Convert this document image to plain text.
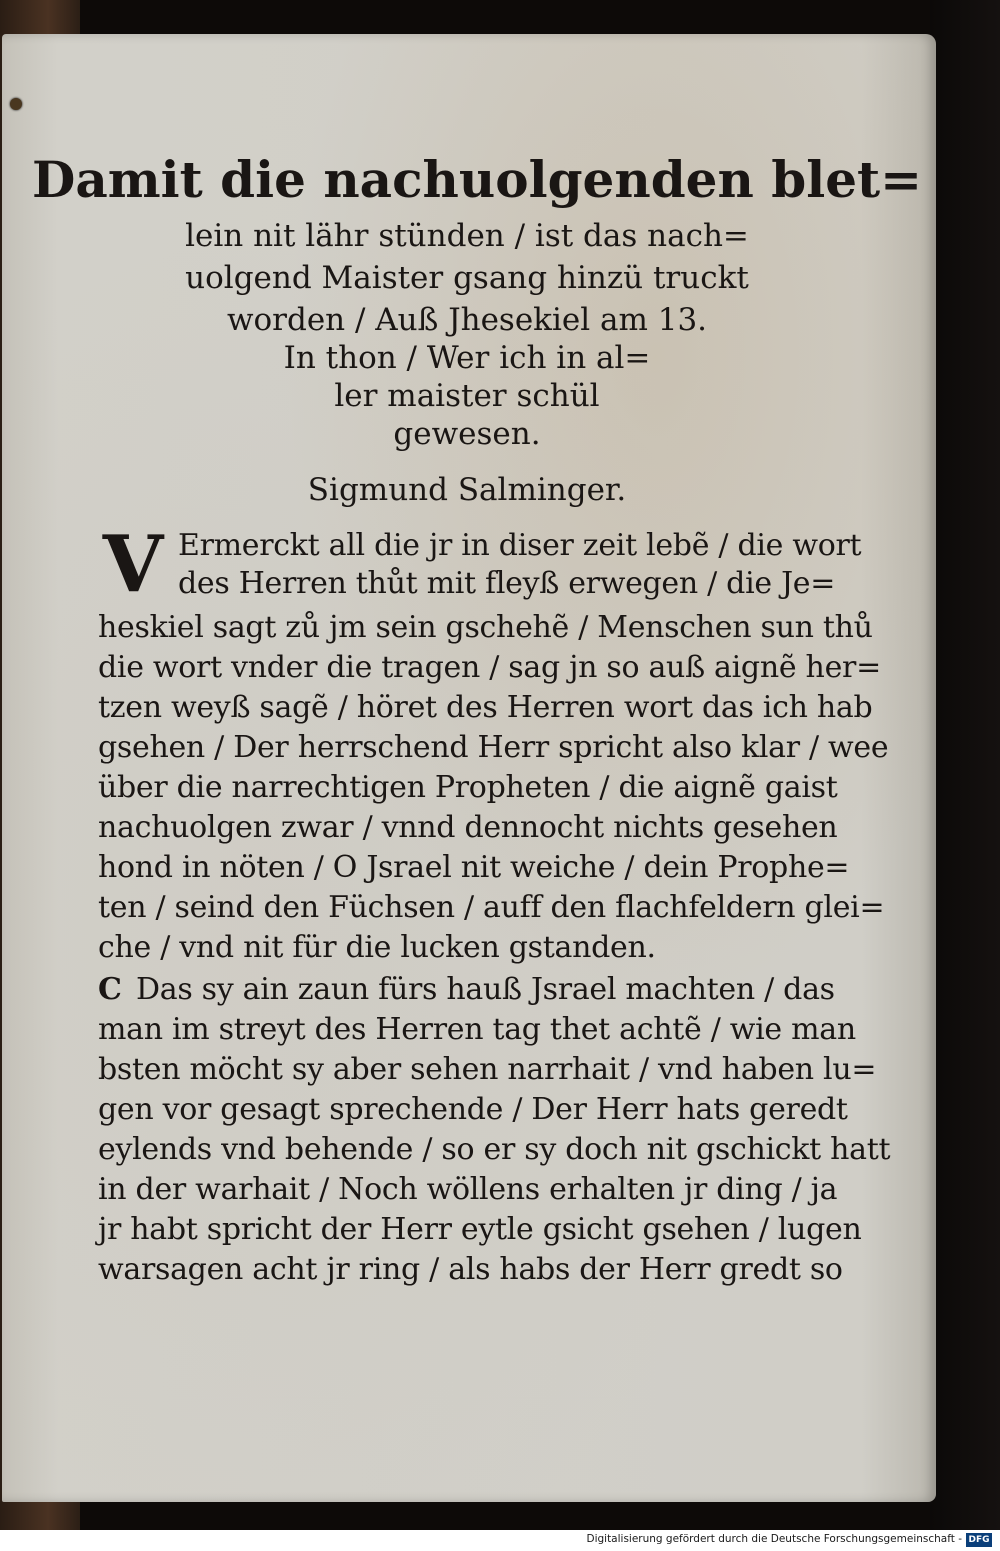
Damit die nachuolgenden blet=
lein nit lähr stünden / ist das nach=
uolgend Maister gsang hinzü truckt
worden / Auß Jhesekiel am 13.
In thon / Wer ich in al=
ler maister schül
gewesen.
Sigmund Salminger.
V Ermerckt all die jr in diser zeit lebẽ / die wort
des Herren thůt mit fleyß erwegen / die Je=
heskiel sagt zů jm sein gschehẽ / Menschen sun thů
die wort vnder die tragen / sag jn so auß aignẽ her=
tzen weyß sagẽ / höret des Herren wort das ich hab
gsehen / Der herrschend Herr spricht also klar / wee
über die narrechtigen Propheten / die aignẽ gaist
nachuolgen zwar / vnnd dennocht nichts gesehen
hond in nöten / O Jsrael nit weiche / dein Prophe=
ten / seind den Füchsen / auff den flachfeldern glei=
che / vnd nit für die lucken gstanden.
C Das sy ain zaun fürs hauß Jsrael machten / das
man im streyt des Herren tag thet achtẽ / wie man
bsten möcht sy aber sehen narrhait / vnd haben lu=
gen vor gesagt sprechende / Der Herr hats geredt
eylends vnd behende / so er sy doch nit gschickt hatt
in der warhait / Noch wöllens erhalten jr ding / ja
jr habt spricht der Herr eytle gsicht gsehen / lugen
warsagen acht jr ring / als habs der Herr gredt so
Digitalisierung gefördert durch die Deutsche Forschungsgemeinschaft - DFG
